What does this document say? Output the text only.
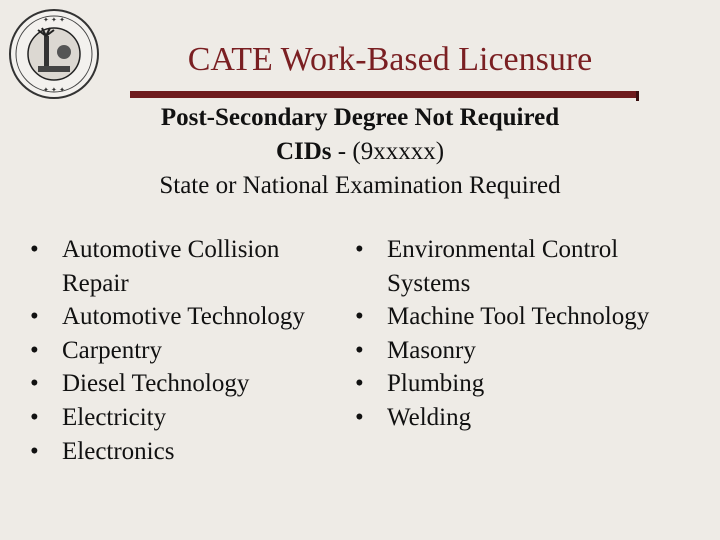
✦ ✦ ✦
✦ ✦ ✦
CATE Work-Based Licensure
Post-Secondary Degree Not Required
CIDs - (9xxxxx)
State or National Examination Required
• Automotive Collision
Repair
• Automotive Technology
• Carpentry
• Diesel Technology
• Electricity
• Electronics
• Environmental Control
Systems
• Machine Tool Technology
• Masonry
• Plumbing
• Welding
